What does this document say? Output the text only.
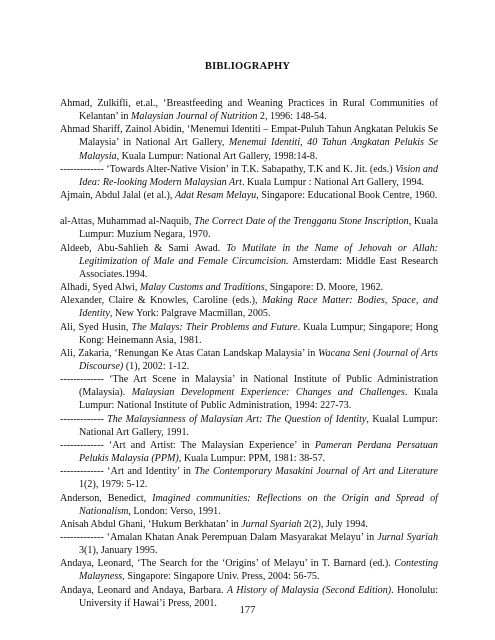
BIBLIOGRAPHY

Ahmad, Zulkifli, et.al., ‘Breastfeeding and Weaning Practices in Rural Communities of Kelantan’ in Malaysian Journal of Nutrition 2, 1996: 148-54.

Ahmad Shariff, Zainol Abidin, ‘Menemui Identiti – Empat-Puluh Tahun Angkatan Pelukis Se Malaysia’ in National Art Gallery, Menemui Identiti, 40 Tahun Angkatan Pelukis Se Malaysia, Kuala Lumpur: National Art Gallery, 1998:14-8.

------------- ‘Towards Alter-Native Vision’ in T.K. Sabapathy, T.K and K. Jit. (eds.) Vision and Idea: Re-looking Modern Malaysian Art. Kuala Lumpur : National Art Gallery, 1994.

Ajmain, Abdul Jalal (et al.), Adat Resam Melayu, Singapore: Educational Book Centre, 1960.

al-Attas, Muhammad al-Naquib, The Correct Date of the Trengganu Stone Inscription, Kuala Lumpur: Muzium Negara, 1970.

Aldeeb, Abu-Sahlieh & Sami Awad. To Mutilate in the Name of Jehovah or Allah: Legitimization of Male and Female Circumcision. Amsterdam: Middle East Research Associates.1994.

Alhadi, Syed Alwi, Malay Customs and Traditions, Singapore: D. Moore, 1962.

Alexander, Claire & Knowles, Caroline (eds.), Making Race Matter: Bodies, Space, and Identity, New York: Palgrave Macmillan, 2005.

Ali, Syed Husin, The Malays: Their Problems and Future. Kuala Lumpur; Singapore; Hong Kong: Heinemann Asia, 1981.

Ali, Zakaria, ‘Renungan Ke Atas Catan Landskap Malaysia’ in Wacana Seni (Journal of Arts Discourse) (1), 2002: 1-12.

------------- ‘The Art Scene in Malaysia’ in National Institute of Public Administration (Malaysia). Malaysian Development Experience: Changes and Challenges. Kuala Lumpur: National Institute of Public Administration, 1994: 227-73.

------------- The Malaysianness of Malaysian Art: The Question of Identity, Kualal Lumpur: National Art Gallery, 1991.

------------- ‘Art and Artist: The Malaysian Experience’ in Pameran Perdana Persatuan Pelukis Malaysia (PPM), Kuala Lumpur: PPM, 1981: 38-57.

------------- ‘Art and Identity’ in The Contemporary Masakini Journal of Art and Literature 1(2), 1979: 5-12.

Anderson, Benedict, Imagined communities: Reflections on the Origin and Spread of Nationalism, London: Verso, 1991.

Anisah Abdul Ghani, ‘Hukum Berkhatan’ in Jurnal Syariah 2(2), July 1994.

------------- ‘Amalan Khatan Anak Perempuan Dalam Masyarakat Melayu’ in Jurnal Syariah 3(1), January 1995.

Andaya, Leonard, ‘The Search for the ‘Origins’ of Melayu’ in T. Barnard (ed.). Contesting Malayness, Singapore: Singapore Univ. Press, 2004: 56-75.

Andaya, Leonard and Andaya, Barbara. A History of Malaysia (Second Edition). Honolulu: University if Hawai’i Press, 2001.

177
